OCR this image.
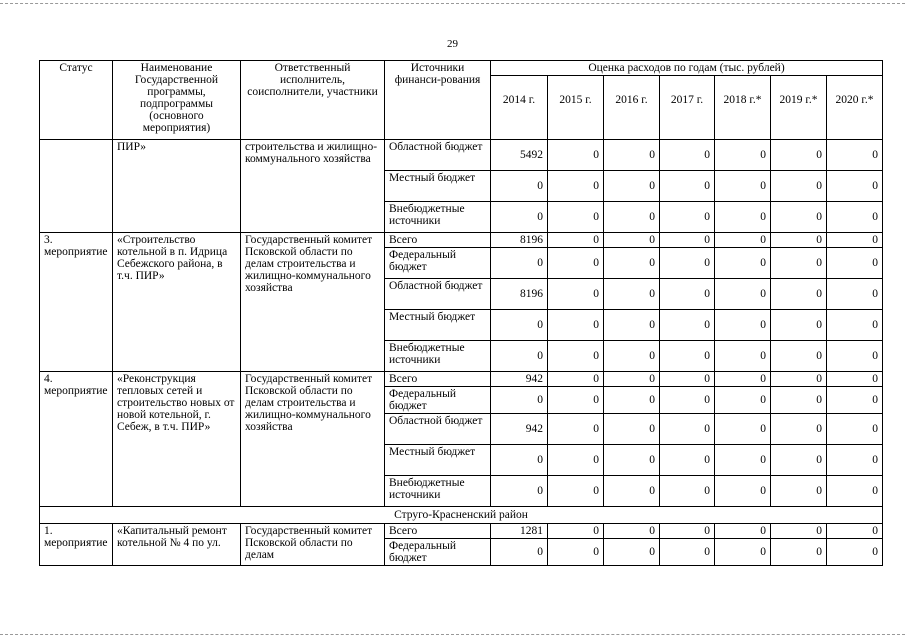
29
Статус	Наименование Государственной программы, подпрограммы (основного мероприятия)	Ответственный исполнитель, соисполнители, участники	Источники финанси-рования	Оценка расходов по годам (тыс. рублей)						
				2014 г.	2015 г.	2016 г.	2017 г.	2018 г.*	2019 г.*	2020 г.*
	ПИР»	строительства и жилищно-коммунального хозяйства	Областной бюджет	5492	0	0	0	0	0	0
			Местный бюджет	0	0	0	0	0	0	0
			Внебюджетные источники	0	0	0	0	0	0	0
3. мероприятие	«Строительство котельной в п. Идрица Себежского района, в т.ч. ПИР»	Государственный комитет Псковской области по делам строительства и жилищно-коммунального хозяйства	Всего	8196	0	0	0	0	0	0
			Федеральный бюджет	0	0	0	0	0	0	0
			Областной бюджет	8196	0	0	0	0	0	0
			Местный бюджет	0	0	0	0	0	0	0
			Внебюджетные источники	0	0	0	0	0	0	0
4. мероприятие	«Реконструкция тепловых сетей и строительство новых от новой котельной, г. Себеж, в т.ч. ПИР»	Государственный комитет Псковской области по делам строительства и жилищно-коммунального хозяйства	Всего	942	0	0	0	0	0	0
			Федеральный бюджет	0	0	0	0	0	0	0
			Областной бюджет	942	0	0	0	0	0	0
			Местный бюджет	0	0	0	0	0	0	0
			Внебюджетные источники	0	0	0	0	0	0	0
Струго-Красненский район										
1. мероприятие	«Капитальный ремонт котельной № 4 по ул.	Государственный комитет Псковской области по делам	Всего	1281	0	0	0	0	0	0
			Федеральный бюджет	0	0	0	0	0	0	0
